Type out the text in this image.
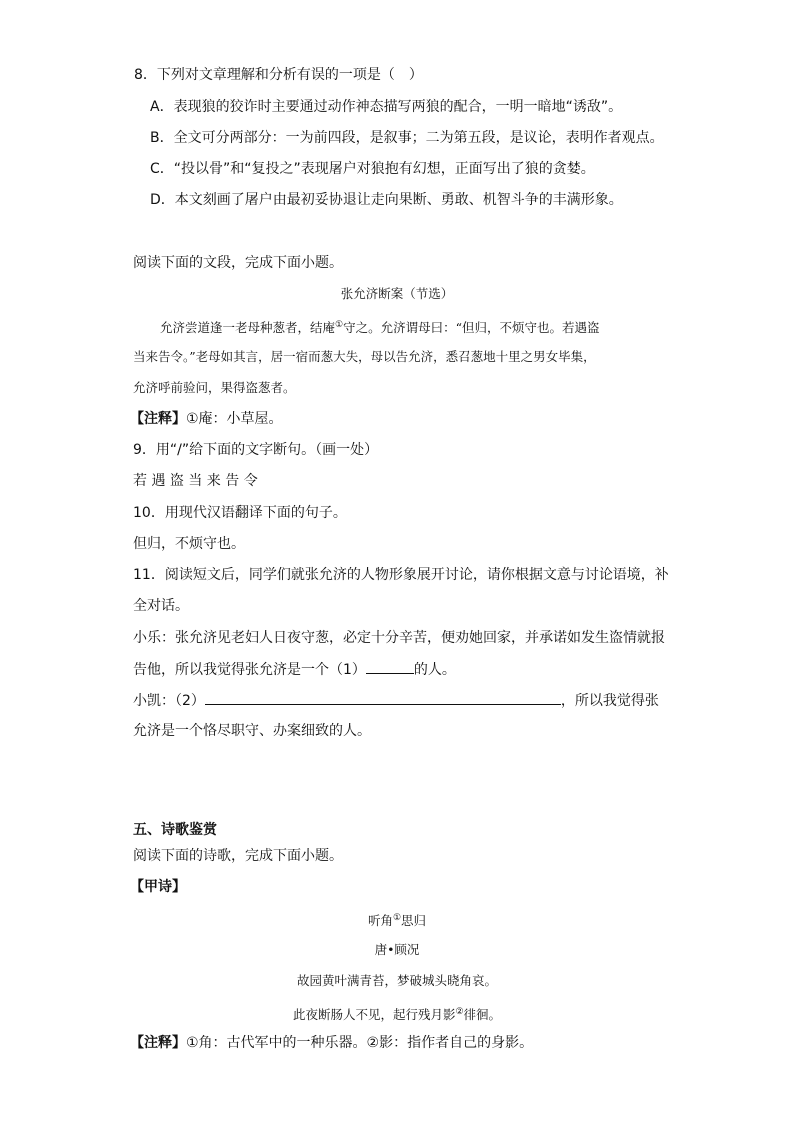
8．下列对文章理解和分析有误的一项是（　）
A．表现狼的狡诈时主要通过动作神态描写两狼的配合，一明一暗地“诱敌”。
B．全文可分两部分：一为前四段，是叙事；二为第五段，是议论，表明作者观点。
C．“投以骨”和“复投之”表现屠户对狼抱有幻想，正面写出了狼的贪婪。
D．本文刻画了屠户由最初妥协退让走向果断、勇敢、机智斗争的丰满形象。
阅读下面的文段，完成下面小题。
张允济断案（节选）
允济尝道逢一老母种葱者，结庵①守之。允济谓母曰：“但归，不烦守也。若遇盗
当来告令。”老母如其言，居一宿而葱大失，母以告允济，悉召葱地十里之男女毕集，
允济呼前验问，果得盗葱者。
【注释】①庵：小草屋。
9．用“/”给下面的文字断句。（画一处）
若 遇 盗 当 来 告 令
10．用现代汉语翻译下面的句子。
但归，不烦守也。
11．阅读短文后，同学们就张允济的人物形象展开讨论，请你根据文意与讨论语境，补
全对话。
小乐：张允济见老妇人日夜守葱，必定十分辛苦，便劝她回家，并承诺如发生盗情就报
告他，所以我觉得张允济是一个（1）	的人。
小凯：（2）	，所以我觉得张
允济是一个恪尽职守、办案细致的人。
五、诗歌鉴赏
阅读下面的诗歌，完成下面小题。
【甲诗】
听角①思归
唐•顾况
故园黄叶满青苔，梦破城头晓角哀。
此夜断肠人不见，起行残月影②徘徊。
【注释】①角：古代军中的一种乐器。②影：指作者自己的身影。
